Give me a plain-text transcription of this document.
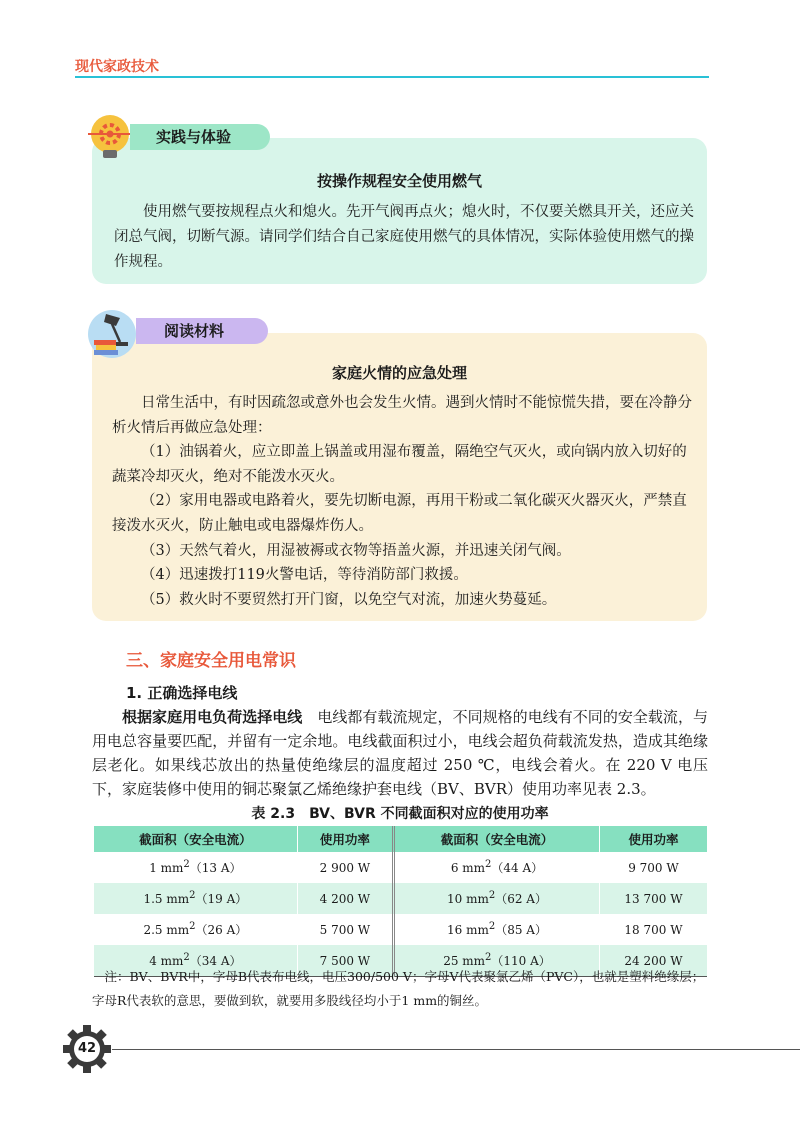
现代家政技术
实践与体验
按操作规程安全使用燃气

使用燃气要按规程点火和熄火。先开气阀再点火；熄火时，不仅要关燃具开关，还应关闭总气阀，切断气源。请同学们结合自己家庭使用燃气的具体情况，实际体验使用燃气的操作规程。

阅读材料
家庭火情的应急处理

日常生活中，有时因疏忽或意外也会发生火情。遇到火情时不能惊慌失措，要在冷静分析火情后再做应急处理：

（1）油锅着火，应立即盖上锅盖或用湿布覆盖，隔绝空气灭火，或向锅内放入切好的蔬菜冷却灭火，绝对不能泼水灭火。

（2）家用电器或电路着火，要先切断电源，再用干粉或二氧化碳灭火器灭火，严禁直接泼水灭火，防止触电或电器爆炸伤人。

（3）天然气着火，用湿被褥或衣物等捂盖火源，并迅速关闭气阀。

（4）迅速拨打119火警电话，等待消防部门救援。

（5）救火时不要贸然打开门窗，以免空气对流，加速火势蔓延。

三、家庭安全用电常识
1. 正确选择电线

根据家庭用电负荷选择电线　 电线都有载流规定，不同规格的电线有不同的安全载流，与用电总容量要匹配，并留有一定余地。电线截面积过小，电线会超负荷载流发热，造成其绝缘层老化。如果线芯放出的热量使绝缘层的温度超过 250 ℃，电线会着火。在 220 V 电压下，家庭装修中使用的铜芯聚氯乙烯绝缘护套电线（BV、BVR）使用功率见表 2.3。

表 2.3　BV、BVR 不同截面积对应的使用功率
截面积（安全电流）	使用功率	截面积（安全电流）	使用功率
1 $mm^2(13$ A）	2 900 W	6 $mm^2(44$ A）	9 700 W
1.5 $mm^2(19$ A）	4 200 W	10 $mm^2(62$ A）	13 700 W
2.5 $mm^2(26$ A）	5 700 W	16 $mm^2(85$ A）	18 700 W
4 $mm^2(34$ A）	7 500 W	25 $mm^2(110$ A）	24 200 W

注：BV、BVR中，字母B代表布电线，电压300/500 V；字母V代表聚氯乙烯（PVC），也就是塑料绝缘层；字母R代表软的意思，要做到软，就要用多股线径均小于1 mm的铜丝。

42
